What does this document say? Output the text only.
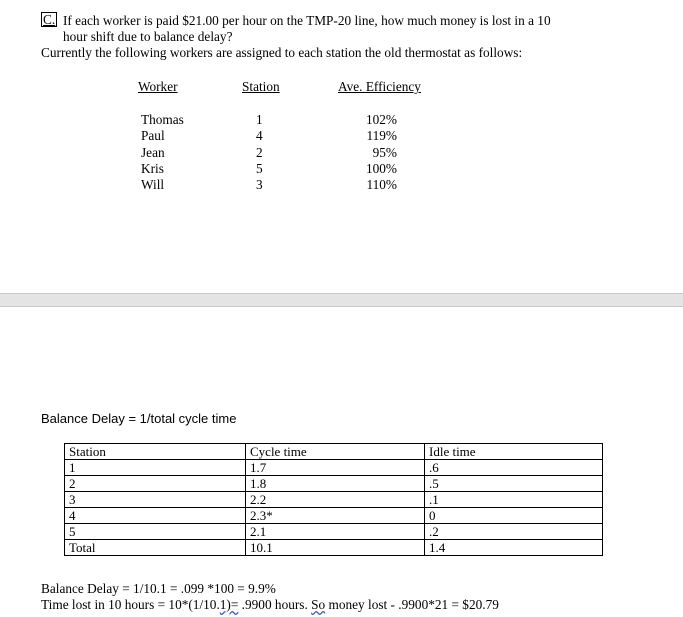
C. If each worker is paid $21.00 per hour on the TMP-20 line, how much money is lost in a 10
hour shift due to balance delay?
Currently the following workers are assigned to each station the old thermostat as follows:
Worker	Station	Ave. Efficiency
Thomas	1	102%
Paul	4	119%
Jean	2	95%
Kris	5	100%
Will	3	110%
Balance Delay = 1/total cycle time
Station	Cycle time	Idle time
1	1.7	.6
2	1.8	.5
3	2.2	.1
4	2.3*	0
5	2.1	.2
Total	10.1	1.4
Balance Delay = 1/10.1 = .099 *100 = 9.9%
Time lost in 10 hours = 10*(1/10.1)= .9900 hours. So money lost - .9900*21 = $20.79
